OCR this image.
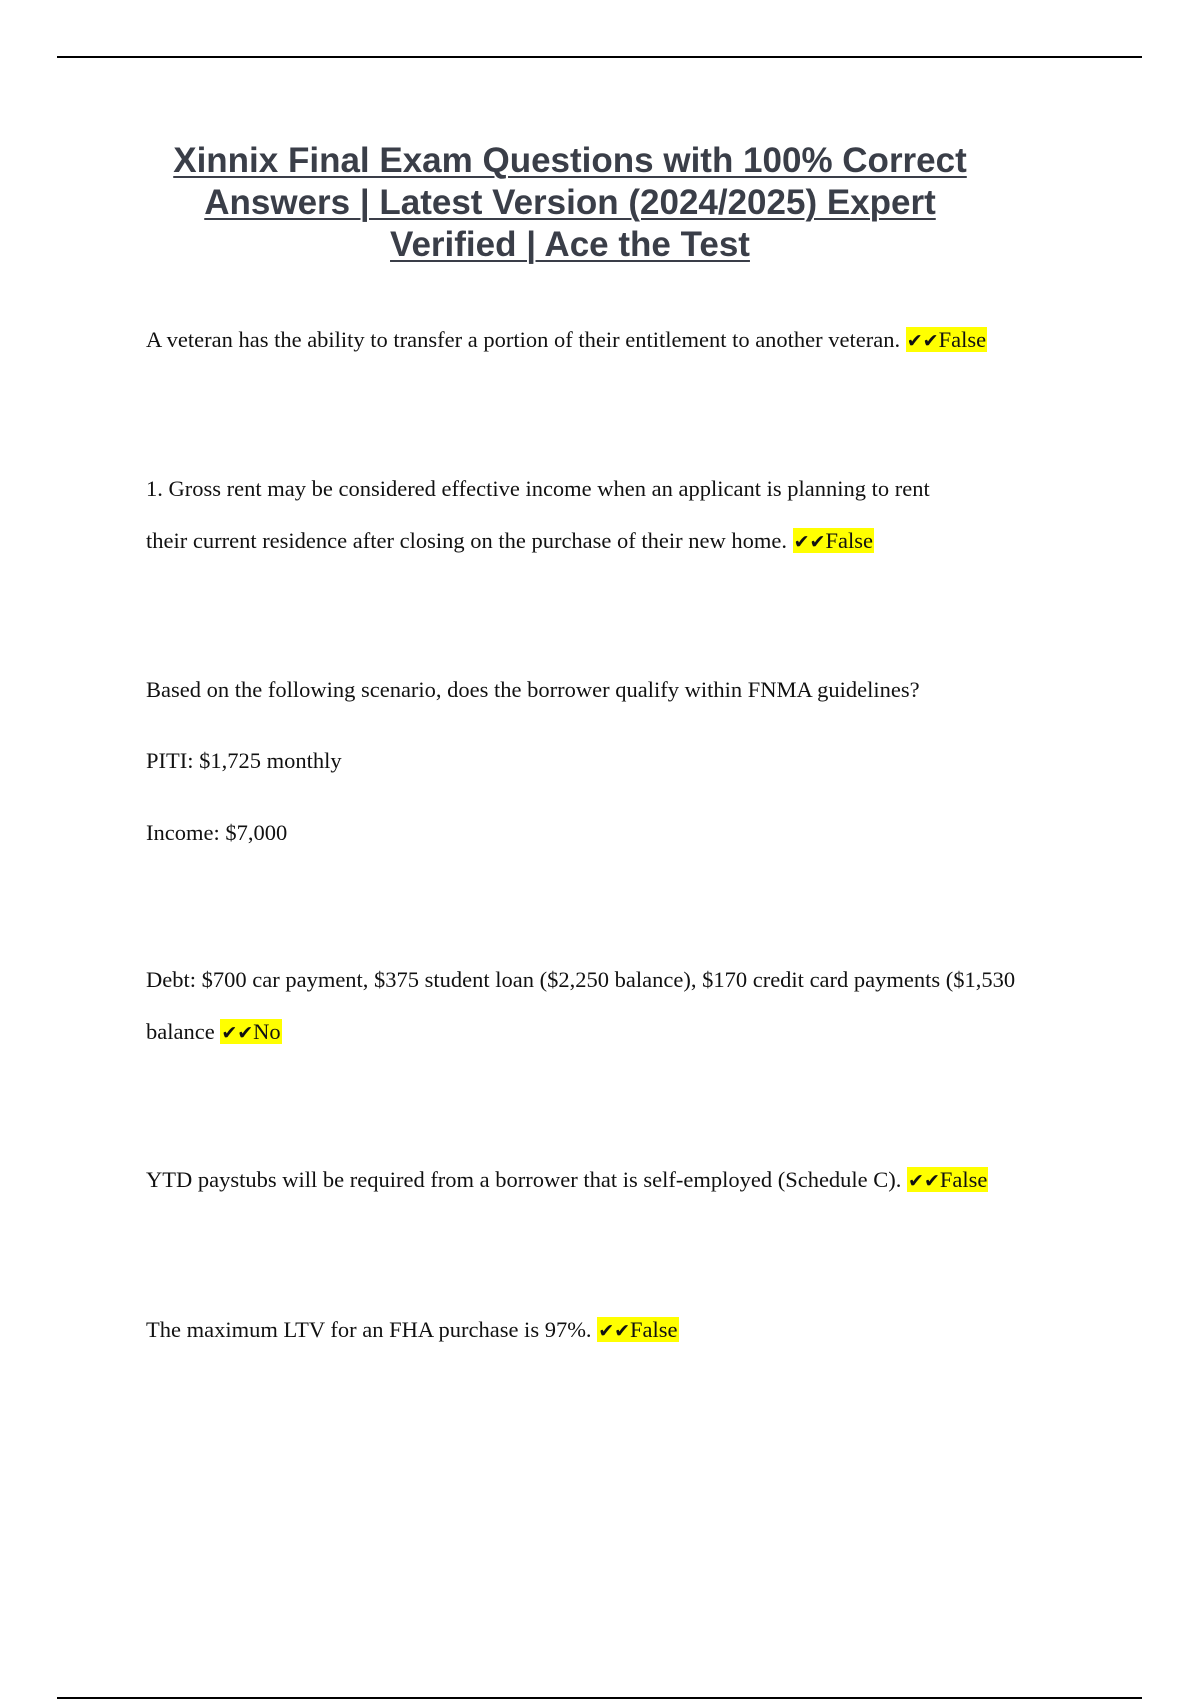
Xinnix Final Exam Questions with 100% Correct
Answers | Latest Version (2024/2025) Expert
Verified | Ace the Test

A veteran has the ability to transfer a portion of their entitlement to another veteran. ✔✔False

1. Gross rent may be considered effective income when an applicant is planning to rent
their current residence after closing on the purchase of their new home. ✔✔False

Based on the following scenario, does the borrower qualify within FNMA guidelines?

PITI: $1,725 monthly

Income: $7,000

Debt: $700 car payment, $375 student loan ($2,250 balance), $170 credit card payments ($1,530
balance ✔✔No

YTD paystubs will be required from a borrower that is self-employed (Schedule C). ✔✔False

The maximum LTV for an FHA purchase is 97%. ✔✔False
